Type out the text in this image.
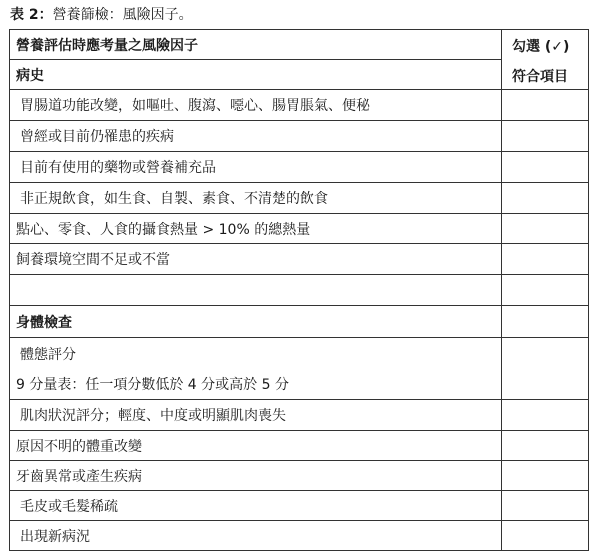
表 2：營養篩檢：風險因子。
營養評估時應考量之風險因子
病史
勾選 (✓)
符合項目
胃腸道功能改變，如嘔吐、腹瀉、噁心、腸胃脹氣、便秘
曾經或目前仍罹患的疾病
目前有使用的藥物或營養補充品
非正規飲食，如生食、自製、素食、不清楚的飲食
點心、零食、人食的攝食熱量 > 10% 的總熱量
飼養環境空間不足或不當
身體檢查
體態評分
9 分量表：任一項分數低於 4 分或高於 5 分
肌肉狀況評分；輕度、中度或明顯肌肉喪失
原因不明的體重改變
牙齒異常或產生疾病
毛皮或毛髮稀疏
出現新病況
